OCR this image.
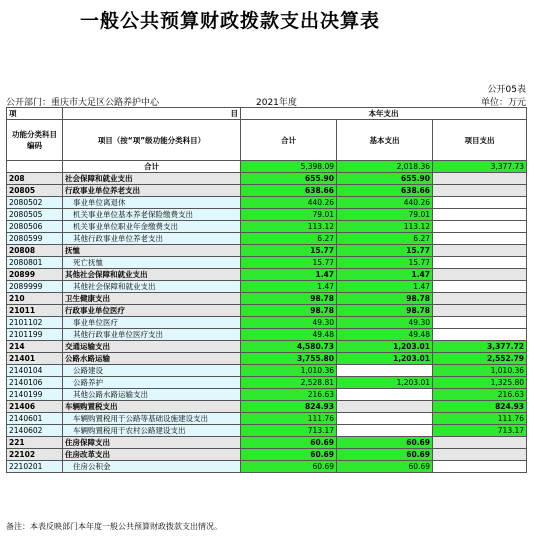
一般公共预算财政拨款支出决算表
公开05表
公开部门：重庆市大足区公路养护中心	2021年度	单位：万元
项	目	本年支出		
功能分类科目编码	项目（按“项”级功能分类科目）	合计	基本支出	项目支出
	合计	5,398.09	2,018.36	3,377.73
208	社会保障和就业支出	655.90	655.90	
20805	行政事业单位养老支出	638.66	638.66	
2080502	事业单位离退休	440.26	440.26	
2080505	机关事业单位基本养老保险缴费支出	79.01	79.01	
2080506	机关事业单位职业年金缴费支出	113.12	113.12	
2080599	其他行政事业单位养老支出	6.27	6.27	
20808	抚恤	15.77	15.77	
2080801	死亡抚恤	15.77	15.77	
20899	其他社会保障和就业支出	1.47	1.47	
2089999	其他社会保障和就业支出	1.47	1.47	
210	卫生健康支出	98.78	98.78	
21011	行政事业单位医疗	98.78	98.78	
2101102	事业单位医疗	49.30	49.30	
2101199	其他行政事业单位医疗支出	49.48	49.48	
214	交通运输支出	4,580.73	1,203.01	3,377.72
21401	公路水路运输	3,755.80	1,203.01	2,552.79
2140104	公路建设	1,010.36		1,010.36
2140106	公路养护	2,528.81	1,203.01	1,325.80
2140199	其他公路水路运输支出	216.63		216.63
21406	车辆购置税支出	824.93		824.93
2140601	车辆购置税用于公路等基础设施建设支出	111.76		111.76
2140602	车辆购置税用于农村公路建设支出	713.17		713.17
221	住房保障支出	60.69	60.69	
22102	住房改革支出	60.69	60.69	
2210201	住房公积金	60.69	60.69	
备注：本表反映部门本年度一般公共预算财政拨款支出情况。
